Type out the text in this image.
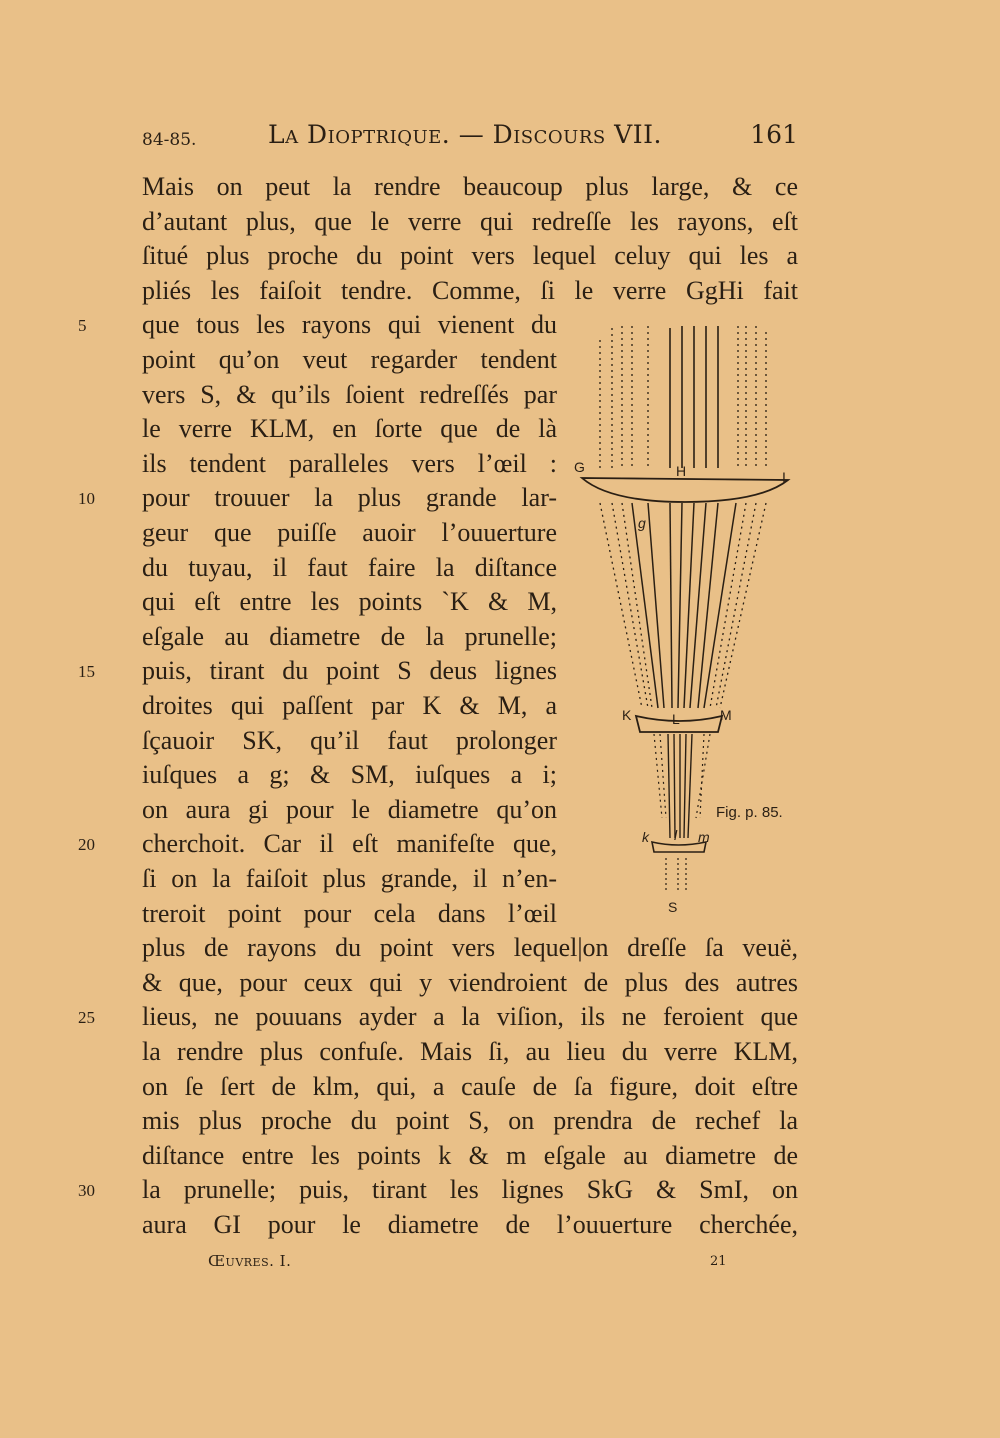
84-85.	La Dioptrique. — Discours VII.	161
Mais on peut la rendre beaucoup plus large, & ce
d’autant plus, que le verre qui redreſſe les rayons, eſt
ſitué plus proche du point vers lequel celuy qui les a
pliés les faiſoit tendre. Comme, ſi le verre GgHi fait
que tous les rayons qui vienent du
5
point qu’on veut regarder tendent
vers S, & qu’ils ſoient redreſſés par
le verre KLM, en ſorte que de là
ils tendent paralleles vers l’œil :
pour trouuer la plus grande lar-
10
geur que puiſſe auoir l’ouuerture
du tuyau, il faut faire la diſtance
qui eſt entre les points `K & M,
eſgale au diametre de la prunelle;
puis, tirant du point S deus lignes
15
droites qui paſſent par K & M, a
ſçauoir SK, qu’il faut prolonger
iuſques a g; & SM, iuſques a i;
on aura gi pour le diametre qu’on
cherchoit. Car il eſt manifeſte que,
20
ſi on la faiſoit plus grande, il n’en-
treroit point pour cela dans l’œil
plus de rayons du point vers lequel|on dreſſe ſa veuë,
& que, pour ceux qui y viendroient de plus des autres
lieus, ne pouuans ayder a la viſion, ils ne feroient que
25
la rendre plus confuſe. Mais ſi, au lieu du verre KLM,
on ſe ſert de klm, qui, a cauſe de ſa figure, doit eſtre
mis plus proche du point S, on prendra de rechef la
diſtance entre les points k & m eſgale au diametre de
la prunelle; puis, tirant les lignes SkG & SmI, on
30
aura GI pour le diametre de l’ouuerture cherchée,
G	H	I
g
K	L	M
k l m
S
Fig. p. 85.
Œuvres. I.	21
